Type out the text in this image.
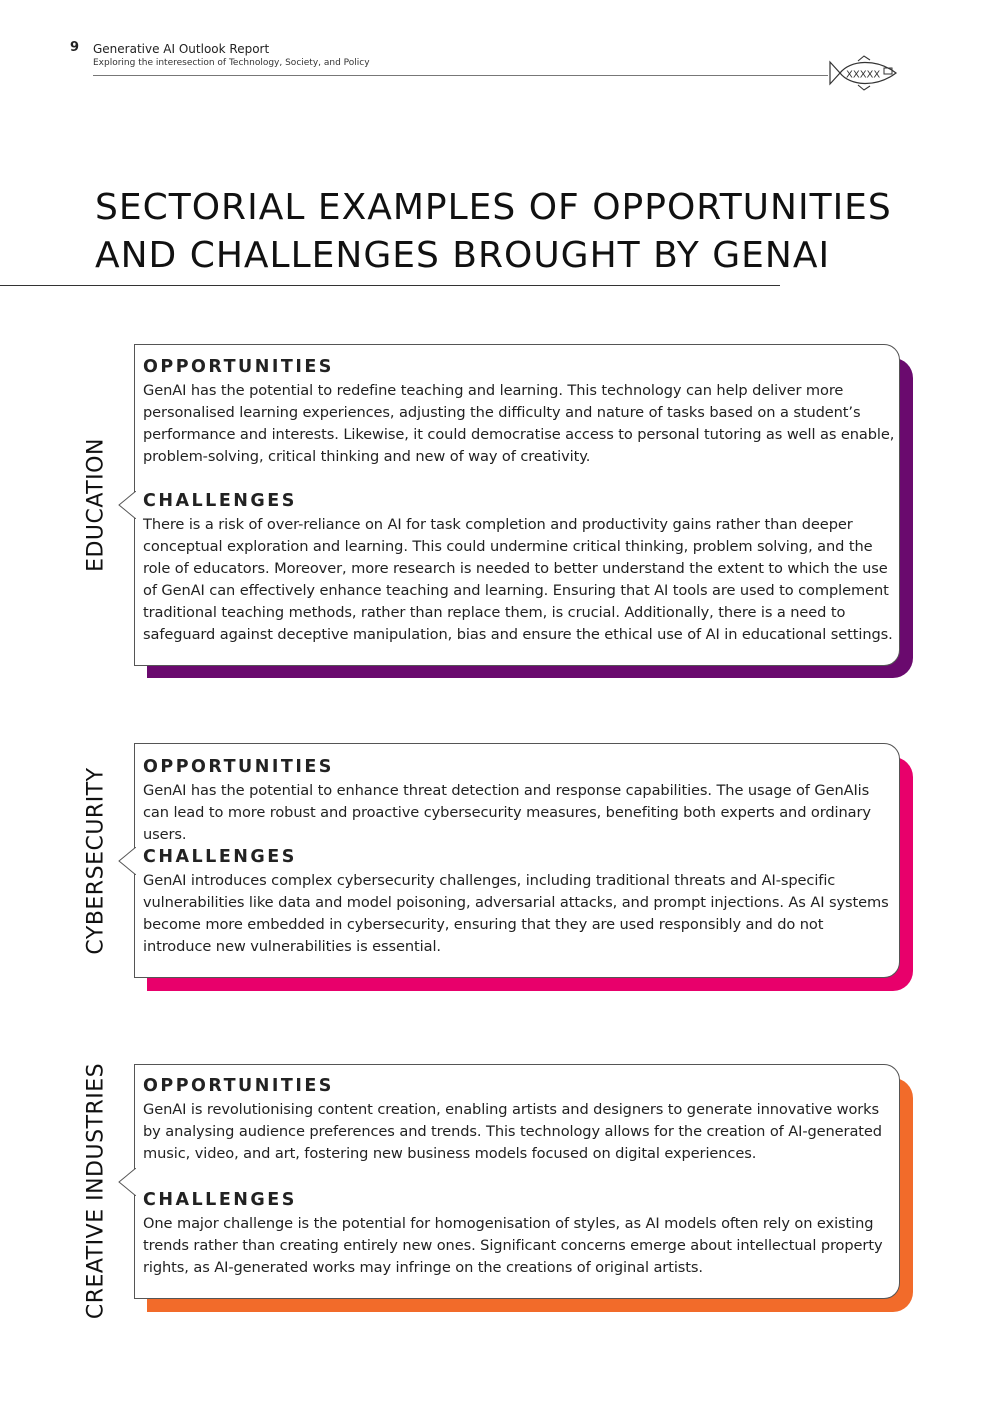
9 Generative AI Outlook Report
Exploring the interesection of Technology, Society, and Policy
XXXXX
SECTORIAL EXAMPLES OF OPPORTUNITIES
AND CHALLENGES BROUGHT BY GENAI
EDUCATION
OPPORTUNITIES

GenAI has the potential to redefine teaching and learning. This technology can help deliver more personalised learning experiences, adjusting the difficulty and nature of tasks based on a student’s performance and interests. Likewise, it could democratise access to personal tutoring as well as enable, problem-solving, critical thinking and new of way of creativity.

CHALLENGES

There is a risk of over-reliance on AI for task completion and productivity gains rather than deeper conceptual exploration and learning. This could undermine critical thinking, problem solving, and the role of educators. Moreover, more research is needed to better understand the extent to which the use of GenAI can effectively enhance teaching and learning. Ensuring that AI tools are used to complement traditional teaching methods, rather than replace them, is crucial. Additionally, there is a need to safeguard against deceptive manipulation, bias and ensure the ethical use of AI in educational settings.

CYBERSECURITY OPPORTUNITIES

GenAI has the potential to enhance threat detection and response capabilities. The usage of GenAIis can lead to more robust and proactive cybersecurity measures, benefiting both experts and ordinary users.

CHALLENGES

GenAI introduces complex cybersecurity challenges, including traditional threats and AI-specific vulnerabilities like data and model poisoning, adversarial attacks, and prompt injections. As AI systems become more embedded in cybersecurity, ensuring that they are used responsibly and do not introduce new vulnerabilities is essential.

CREATIVE INDUSTRIES OPPORTUNITIES

GenAI is revolutionising content creation, enabling artists and designers to generate innovative works by analysing audience preferences and trends. This technology allows for the creation of AI-generated music, video, and art, fostering new business models focused on digital experiences.

CHALLENGES

One major challenge is the potential for homogenisation of styles, as AI models often rely on existing trends rather than creating entirely new ones. Significant concerns emerge about intellectual property rights, as AI-generated works may infringe on the creations of original artists.
